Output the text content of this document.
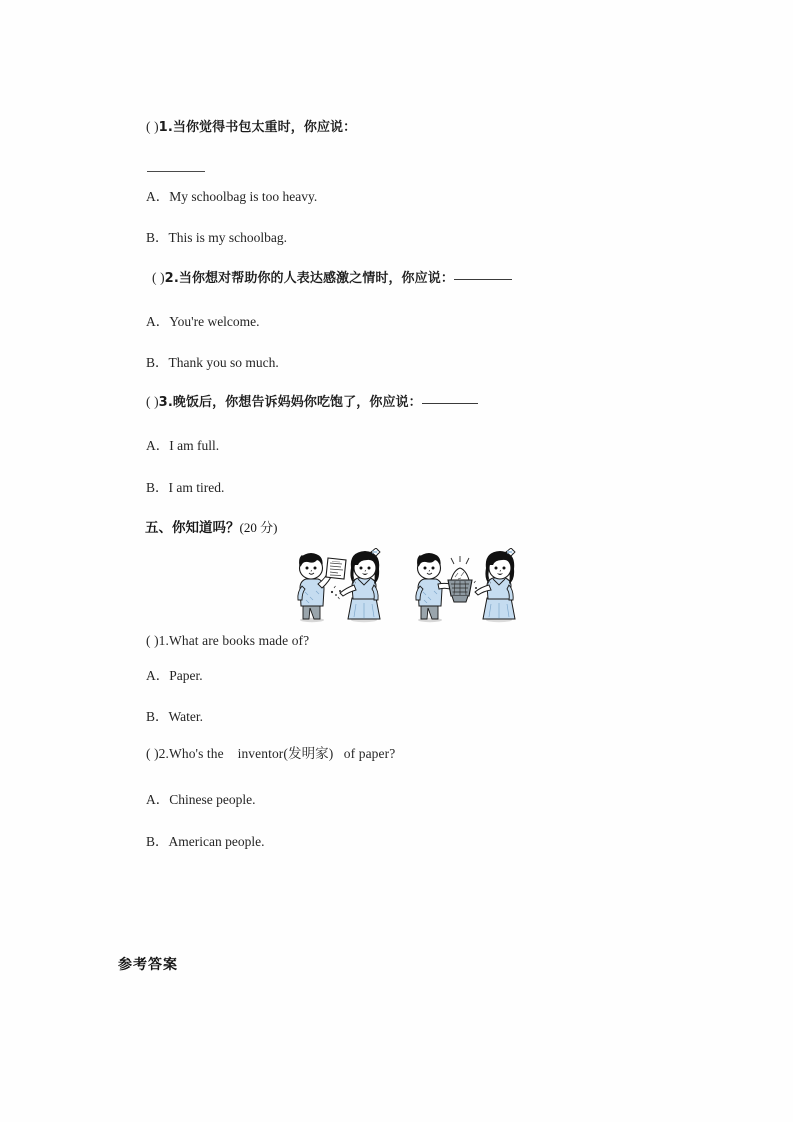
( )1.当你觉得书包太重时，你应说：
A．My schoolbag is too heavy.
B．This is my schoolbag.
( )2.当你想对帮助你的人表达感激之情时，你应说：
A．You're welcome.
B．Thank you so much.
( )3.晚饭后，你想告诉妈妈你吃饱了，你应说：
A．I am full.
B．I am tired.
五、你知道吗？(20 分)
( )1.What are books made of?
A．Paper.
B．Water.
( )2.Who's the    inventor(发明家)   of paper?
A．Chinese people.
B．American people.
参考答案
